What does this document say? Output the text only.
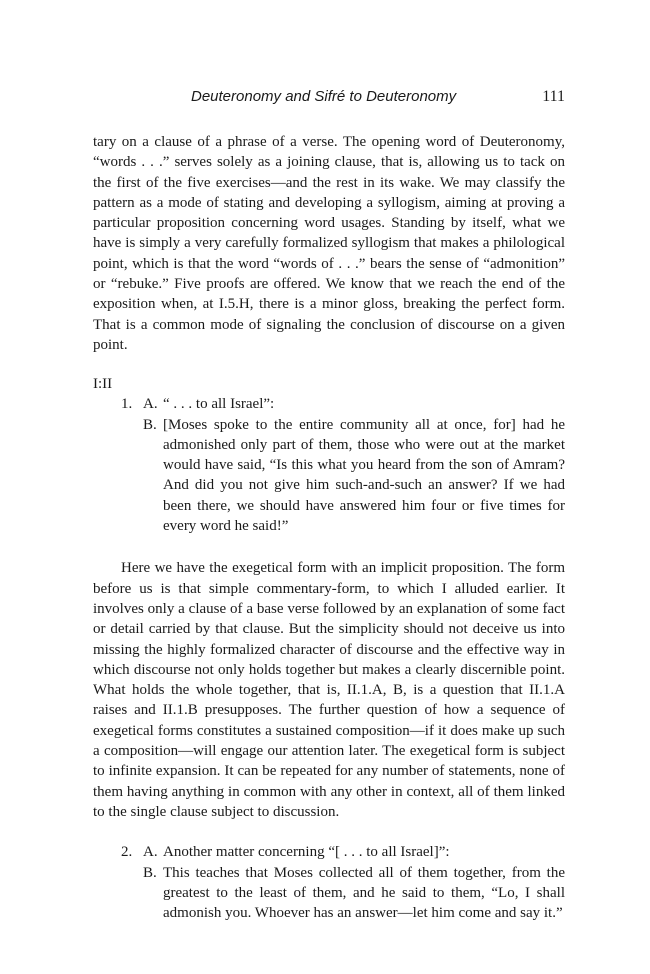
Deuteronomy and Sifré to Deuteronomy	111

tary on a clause of a phrase of a verse. The opening word of Deuteronomy, “words . . .” serves solely as a joining clause, that is, allowing us to tack on the first of the five exercises—and the rest in its wake. We may classify the pattern as a mode of stating and developing a syllogism, aiming at proving a particular proposition concerning word usages. Standing by itself, what we have is simply a very carefully formalized syllogism that makes a philological point, which is that the word “words of . . .” bears the sense of “admonition” or “rebuke.” Five proofs are offered. We know that we reach the end of the exposition when, at I.5.H, there is a minor gloss, breaking the perfect form. That is a common mode of signaling the conclusion of discourse on a given point.

I:II
1. A. “ . . . to all Israel”:

B. [Moses spoke to the entire community all at once, for] had he admonished only part of them, those who were out at the market would have said, “Is this what you heard from the son of Amram? And did you not give him such-and-such an answer? If we had been there, we should have answered him four or five times for every word he said!”

Here we have the exegetical form with an implicit proposition. The form before us is that simple commentary-form, to which I alluded earlier. It involves only a clause of a base verse followed by an explanation of some fact or detail carried by that clause. But the simplicity should not deceive us into missing the highly formalized character of discourse and the effective way in which discourse not only holds together but makes a clearly discernible point. What holds the whole together, that is, II.1.A, B, is a question that II.1.A raises and II.1.B presupposes. The further question of how a sequence of exegetical forms constitutes a sustained composition—if it does make up such a composition—will engage our attention later. The exegetical form is subject to infinite expansion. It can be repeated for any number of statements, none of them having anything in common with any other in context, all of them linked to the single clause subject to discussion.

2. A. Another matter concerning “[ . . . to all Israel]”:

B. This teaches that Moses collected all of them together, from the greatest to the least of them, and he said to them, “Lo, I shall admonish you. Whoever has an answer—let him come and say it.”
